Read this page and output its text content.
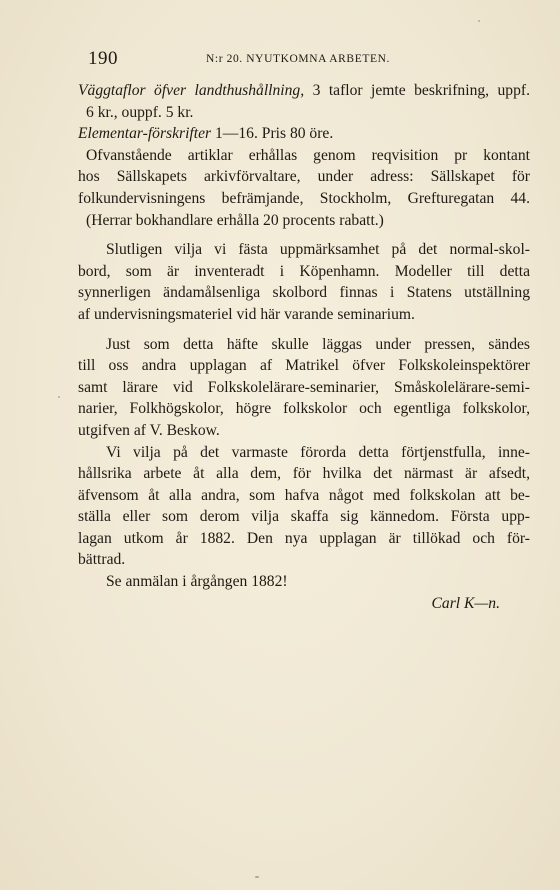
190	N:r 20. NYUTKOMNA ARBETEN.
Väggtaflor öfver landthushållning, 3 taflor jemte beskrifning, uppf.
6 kr., ouppf. 5 kr.
Elementar-förskrifter 1—16. Pris 80 öre.
Ofvanstående artiklar erhållas genom reqvisition pr kontant
hos Sällskapets arkivförvaltare, under adress: Sällskapet för
folkundervisningens befrämjande, Stockholm, Grefturegatan 44.
(Herrar bokhandlare erhålla 20 procents rabatt.)
Slutligen vilja vi fästa uppmärksamhet på det normal-skol-
bord, som är inventeradt i Köpenhamn. Modeller till detta
synnerligen ändamålsenliga skolbord finnas i Statens utställning
af undervisningsmateriel vid här varande seminarium.
Just som detta häfte skulle läggas under pressen, sändes
till oss andra upplagan af Matrikel öfver Folkskoleinspektörer
samt lärare vid Folkskolelärare-seminarier, Småskolelärare-semi-
narier, Folkhögskolor, högre folkskolor och egentliga folkskolor,
utgifven af V. Beskow.
Vi vilja på det varmaste förorda detta förtjenstfulla, inne-
hållsrika arbete åt alla dem, för hvilka det närmast är afsedt,
äfvensom åt alla andra, som hafva något med folkskolan att be-
ställa eller som derom vilja skaffa sig kännedom. Första upp-
lagan utkom år 1882. Den nya upplagan är tillökad och för-
bättrad.
Se anmälan i årgången 1882!
Carl K—n.
